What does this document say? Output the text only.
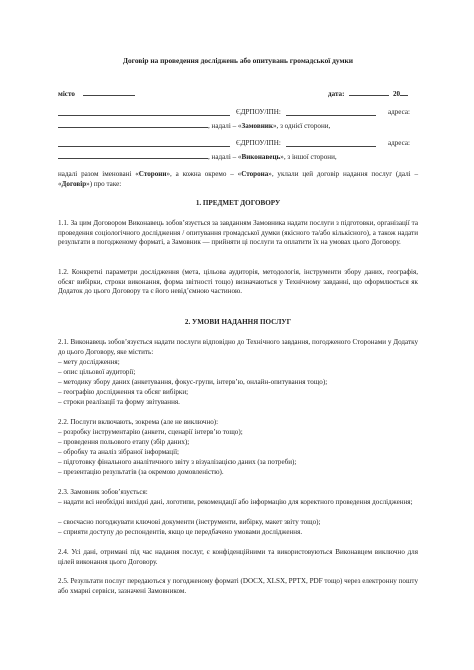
Договір на проведення досліджень або опитувань громадської думки
місто	дата:	20
ЄДРПОУ/ІПН:	адреса:
, надалі – «Замовник», з однієї сторони,
ЄДРПОУ/ІПН:	адреса:
, надалі – «Виконавець», з іншої сторони,
надалі разом іменовані «Сторони», а кожна окремо – «Сторона», уклали цей договір надання послуг (далі – «Договір») про таке:
1. ПРЕДМЕТ ДОГОВОРУ
1.1. За цим Договором Виконавець зобов’язується за завданням Замовника надати послуги з підготовки, організації та проведення соціологічного дослідження / опитування громадської думки (якісного та/або кількісного), а також надати результати в погодженому форматі, а Замовник — прийняти ці послуги та оплатити їх на умовах цього Договору.
1.2. Конкретні параметри дослідження (мета, цільова аудиторія, методологія, інструменти збору даних, географія, обсяг вибірки, строки виконання, форма звітності тощо) визначаються у Технічному завданні, що оформлюється як Додаток до цього Договору та є його невід’ємною частиною.
2. УМОВИ НАДАННЯ ПОСЛУГ
2.1. Виконавець зобов’язується надати послуги відповідно до Технічного завдання, погодженого Сторонами у Додатку до цього Договору, яке містить:
– мету дослідження;
– опис цільової аудиторії;
– методику збору даних (анкетування, фокус-групи, інтерв’ю, онлайн-опитування тощо);
– географію дослідження та обсяг вибірки;
– строки реалізації та форму звітування.
2.2. Послуги включають, зокрема (але не виключно):
– розробку інструментарію (анкети, сценарії інтерв’ю тощо);
– проведення польового етапу (збір даних);
– обробку та аналіз зібраної інформації;
– підготовку фінального аналітичного звіту з візуалізацією даних (за потреби);
– презентацію результатів (за окремою домовленістю).
2.3. Замовник зобов’язується:
– надати всі необхідні вихідні дані, логотипи, рекомендації або інформацію для коректного проведення дослідження;
– своєчасно погоджувати ключові документи (інструменти, вибірку, макет звіту тощо);
– сприяти доступу до респондентів, якщо це передбачено умовами дослідження.
2.4. Усі дані, отримані під час надання послуг, є конфіденційними та використовуються Виконавцем виключно для цілей виконання цього Договору.
2.5. Результати послуг передаються у погодженому форматі (DOCX, XLSX, PPTX, PDF тощо) через електронну пошту або хмарні сервіси, зазначені Замовником.
